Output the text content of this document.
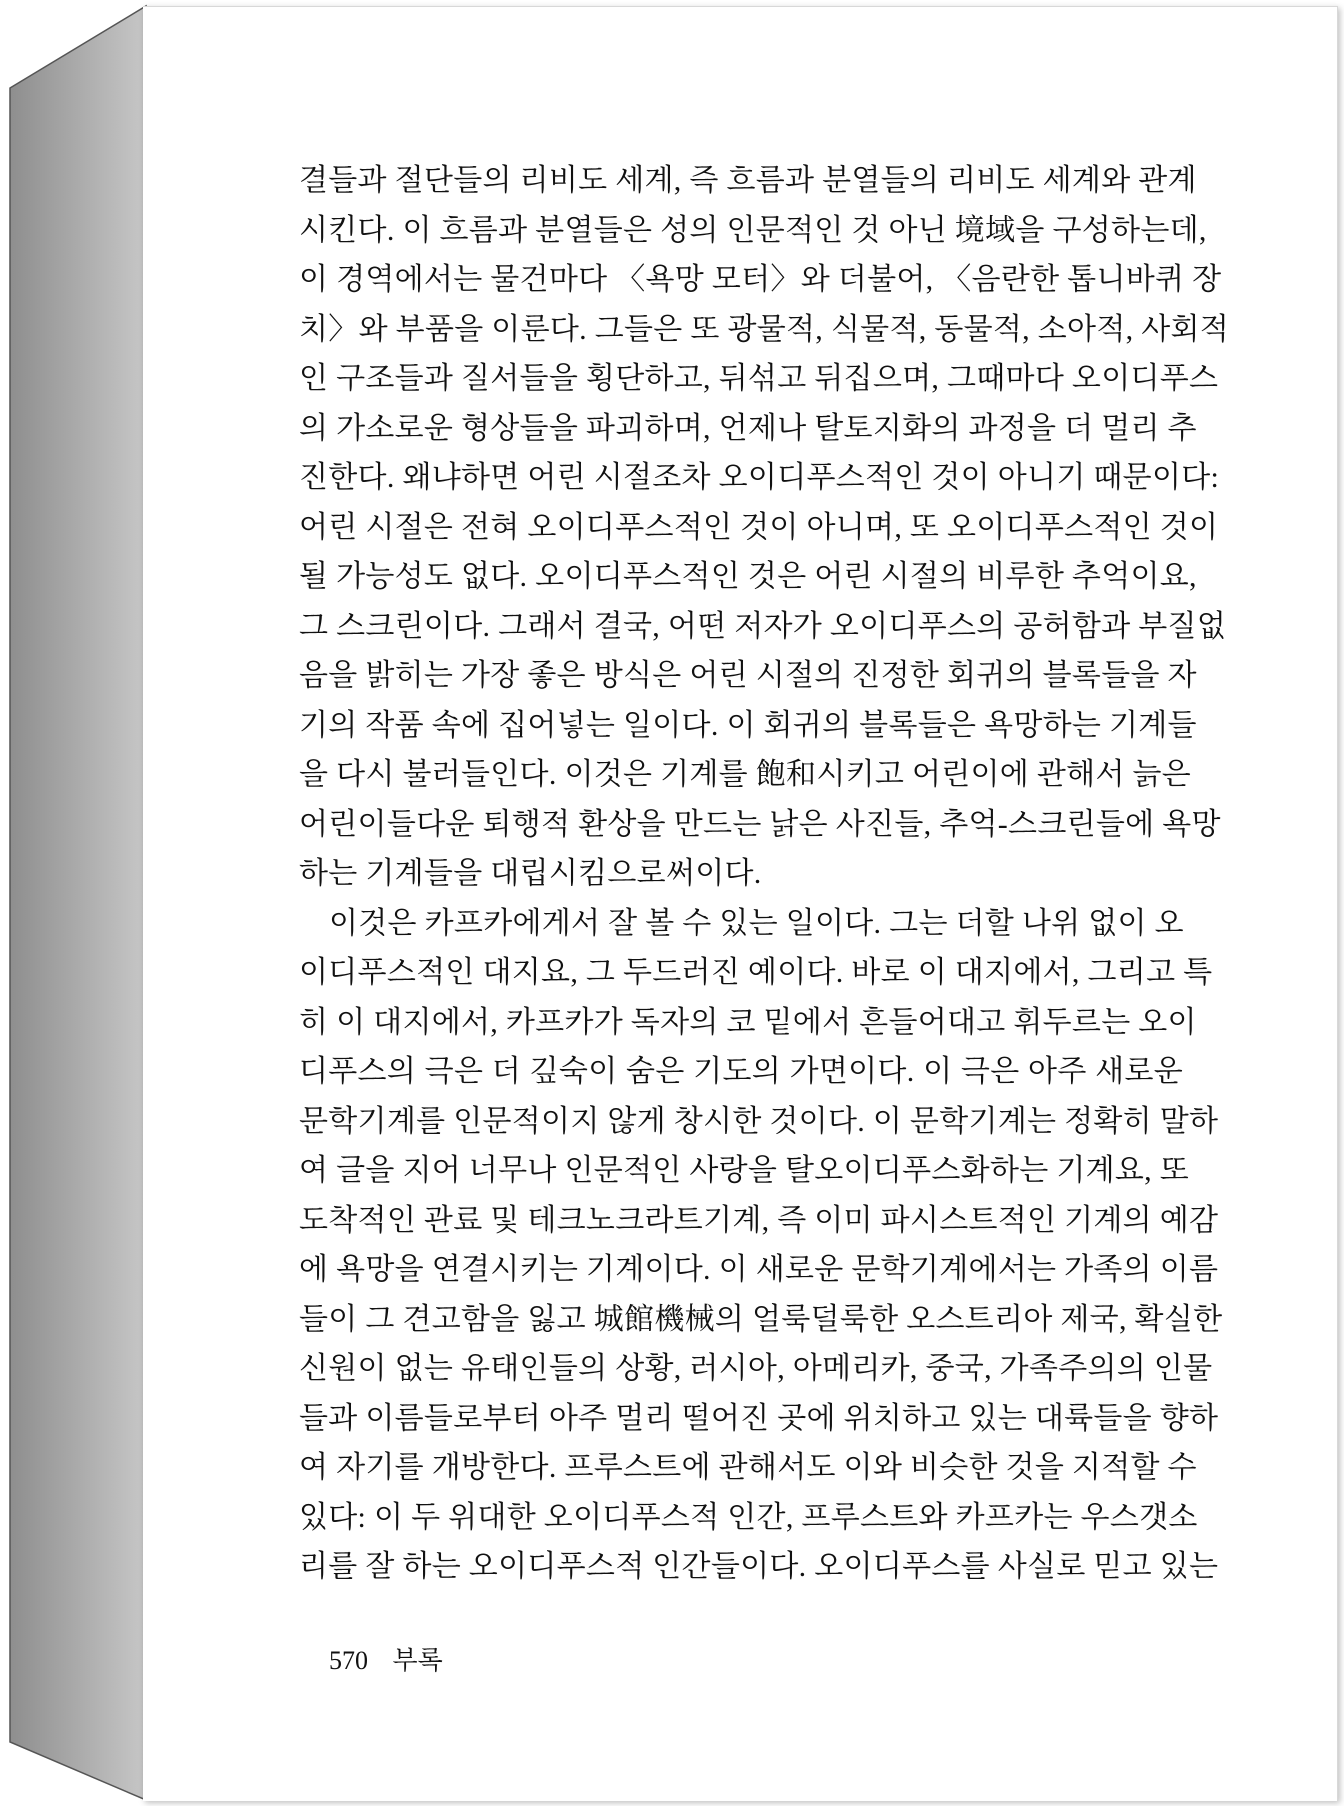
결들과 절단들의 리비도 세계, 즉 흐름과 분열들의 리비도 세계와 관계
시킨다. 이 흐름과 분열들은 성의 인문적인 것 아닌 境域을 구성하는데,
이 경역에서는 물건마다 〈욕망 모터〉와 더불어, 〈음란한 톱니바퀴 장
치〉와 부품을 이룬다. 그들은 또 광물적, 식물적, 동물적, 소아적, 사회적
인 구조들과 질서들을 횡단하고, 뒤섞고 뒤집으며, 그때마다 오이디푸스
의 가소로운 형상들을 파괴하며, 언제나 탈토지화의 과정을 더 멀리 추
진한다. 왜냐하면 어린 시절조차 오이디푸스적인 것이 아니기 때문이다:
어린 시절은 전혀 오이디푸스적인 것이 아니며, 또 오이디푸스적인 것이
될 가능성도 없다. 오이디푸스적인 것은 어린 시절의 비루한 추억이요,
그 스크린이다. 그래서 결국, 어떤 저자가 오이디푸스의 공허함과 부질없
음을 밝히는 가장 좋은 방식은 어린 시절의 진정한 회귀의 블록들을 자
기의 작품 속에 집어넣는 일이다. 이 회귀의 블록들은 욕망하는 기계들
을 다시 불러들인다. 이것은 기계를 飽和시키고 어린이에 관해서 늙은
어린이들다운 퇴행적 환상을 만드는 낡은 사진들, 추억-스크린들에 욕망
하는 기계들을 대립시킴으로써이다.
이것은 카프카에게서 잘 볼 수 있는 일이다. 그는 더할 나위 없이 오
이디푸스적인 대지요, 그 두드러진 예이다. 바로 이 대지에서, 그리고 특
히 이 대지에서, 카프카가 독자의 코 밑에서 흔들어대고 휘두르는 오이
디푸스의 극은 더 깊숙이 숨은 기도의 가면이다. 이 극은 아주 새로운
문학기계를 인문적이지 않게 창시한 것이다. 이 문학기계는 정확히 말하
여 글을 지어 너무나 인문적인 사랑을 탈오이디푸스화하는 기계요, 또
도착적인 관료 및 테크노크라트기계, 즉 이미 파시스트적인 기계의 예감
에 욕망을 연결시키는 기계이다. 이 새로운 문학기계에서는 가족의 이름
들이 그 견고함을 잃고 城館機械의 얼룩덜룩한 오스트리아 제국, 확실한
신원이 없는 유태인들의 상황, 러시아, 아메리카, 중국, 가족주의의 인물
들과 이름들로부터 아주 멀리 떨어진 곳에 위치하고 있는 대륙들을 향하
여 자기를 개방한다. 프루스트에 관해서도 이와 비슷한 것을 지적할 수
있다: 이 두 위대한 오이디푸스적 인간, 프루스트와 카프카는 우스갯소
리를 잘 하는 오이디푸스적 인간들이다. 오이디푸스를 사실로 믿고 있는
570 부록
